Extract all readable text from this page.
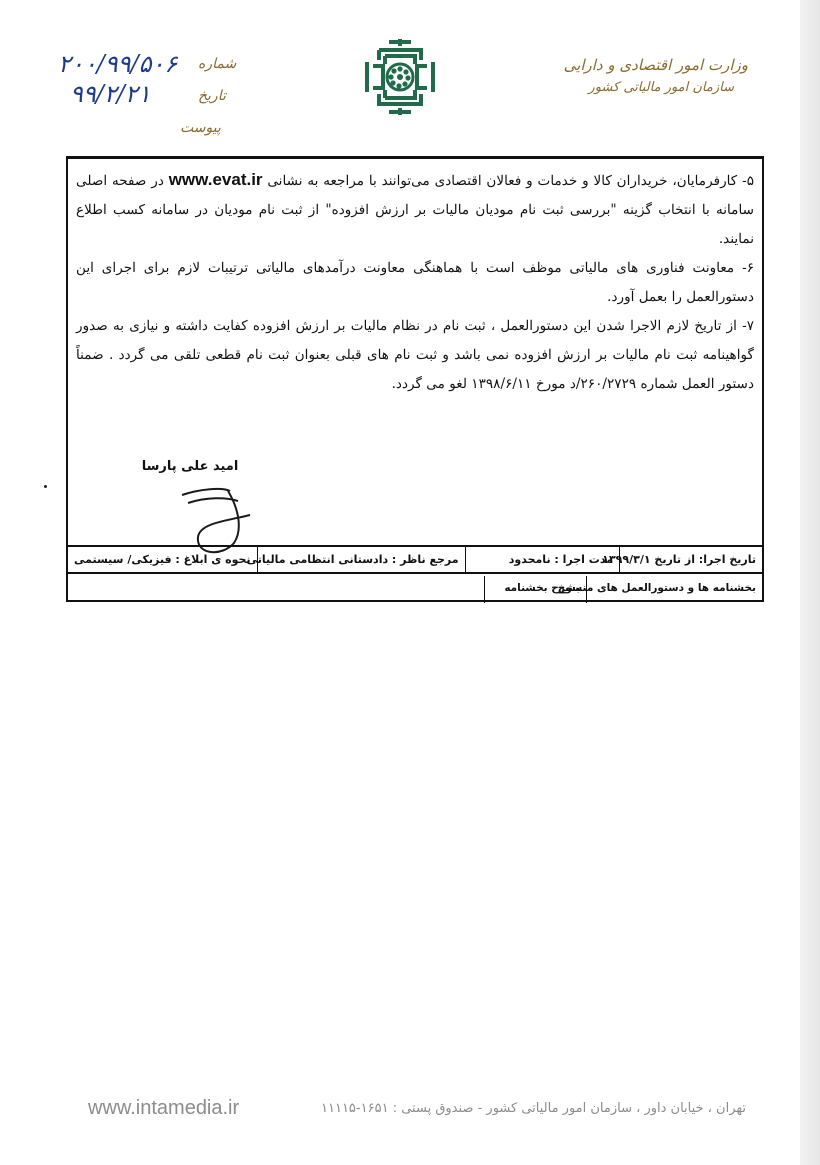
وزارت امور اقتصادی و دارایی
سازمان امور مالیاتی کشور
شماره
۲۰۰/۹۹/۵۰۶
تاریخ
۹۹/۲/۲۱
پیوست

۵- کارفرمایان، خریداران کالا و خدمات و فعالان اقتصادی می‌توانند با مراجعه به نشانی www.evat.ir در صفحه اصلی سامانه با انتخاب گزینه "بررسی ثبت نام مودیان مالیات بر ارزش افزوده" از ثبت نام مودیان در سامانه کسب اطلاع نمایند.

۶- معاونت فناوری های مالیاتی موظف است با هماهنگی معاونت درآمدهای مالیاتی ترتیبات لازم برای اجرای این دستورالعمل را بعمل آورد.

۷- از تاریخ لازم الاجرا شدن این دستورالعمل ، ثبت نام در نظام مالیات بر ارزش افزوده کفایت داشته و نیازی به صدور گواهینامه ثبت نام مالیات بر ارزش افزوده نمی باشد و ثبت نام های قبلی بعنوان ثبت نام قطعی تلقی می گردد . ضمناً دستور العمل شماره ۲۶۰/۲۷۲۹/د مورخ ۱۳۹۸/۶/۱۱ لغو می گردد.

امید علی پارسا
تاریخ اجرا: از تاریخ ۱۳۹۹/۳/۱
مدت اجرا : نامحدود
مرجع ناظر : دادستانی انتظامی مالیاتی
نحوه ی ابلاغ : فیزیکی/ سیستمی
بخشنامه ها و دستورالعمل های منسوخ
بشرح بخشنامه
www.intamedia.ir	تهران ، خیابان داور ، سازمان امور مالیاتی کشور - صندوق پستی : ۱۶۵۱-۱۱۱۱۵
